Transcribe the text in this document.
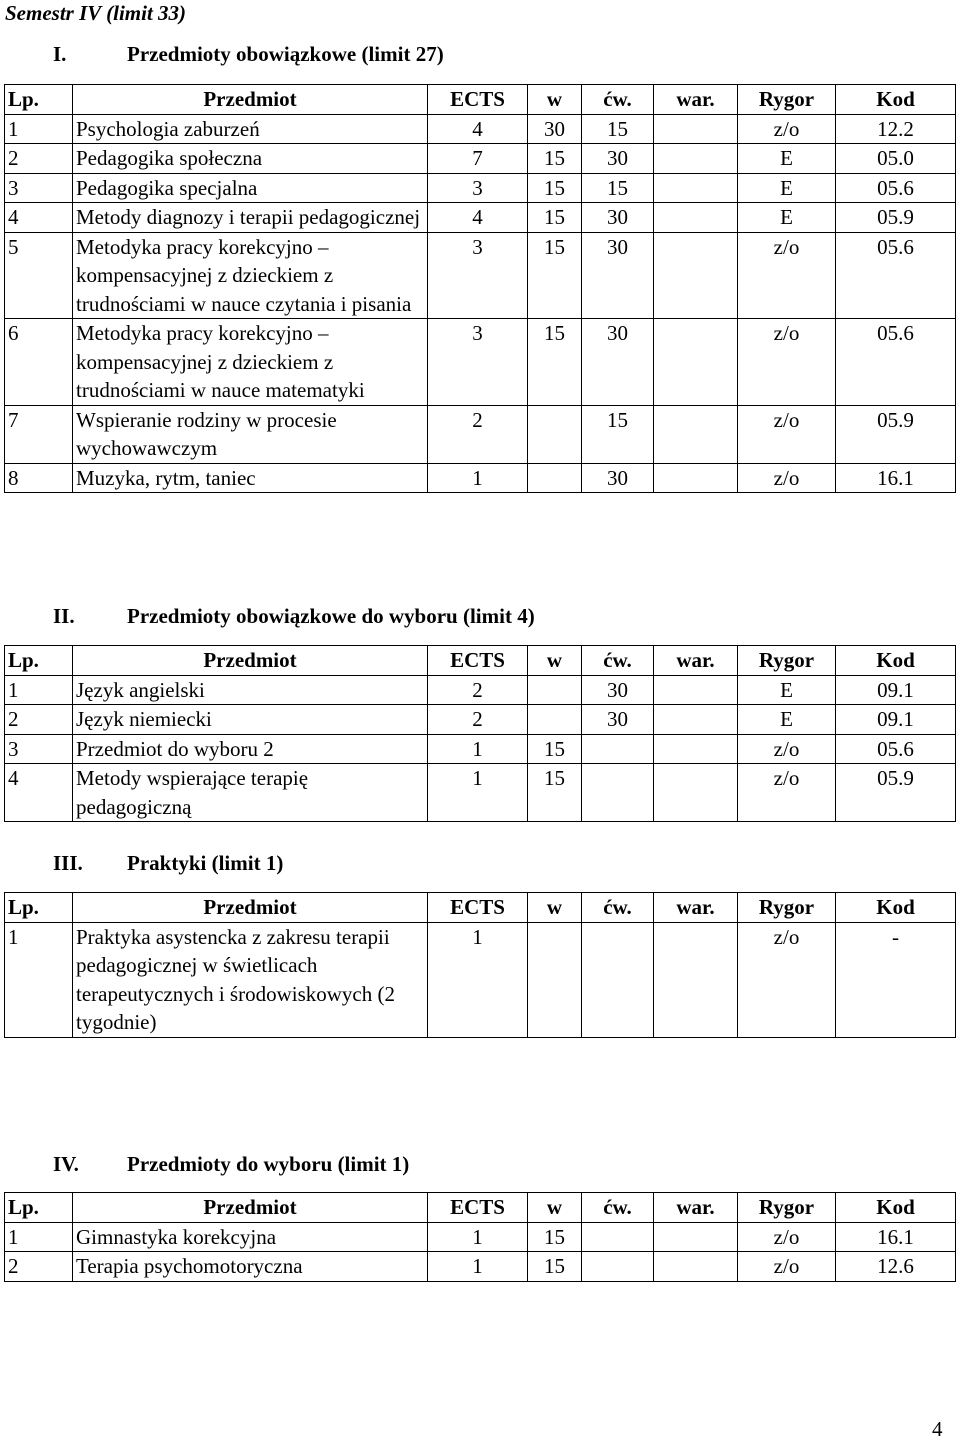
Semestr IV (limit 33)
I.	Przedmioty obowiązkowe (limit 27)
Lp.	Przedmiot	ECTS	w	ćw.	war.	Rygor	Kod
1	Psychologia zaburzeń	4	30	15		z/o	12.2
2	Pedagogika społeczna	7	15	30		E	05.0
3	Pedagogika specjalna	3	15	15		E	05.6
4	Metody diagnozy i terapii pedagogicznej	4	15	30		E	05.9
5	Metodyka pracy korekcyjno – kompensacyjnej z dzieckiem z trudnościami w nauce czytania i pisania	3	15	30		z/o	05.6
6	Metodyka pracy korekcyjno – kompensacyjnej z dzieckiem z trudnościami w nauce matematyki	3	15	30		z/o	05.6
7	Wspieranie rodziny w procesie wychowawczym	2		15		z/o	05.9
8	Muzyka, rytm, taniec	1		30		z/o	16.1
II.	Przedmioty obowiązkowe do wyboru (limit 4)
Lp.	Przedmiot	ECTS	w	ćw.	war.	Rygor	Kod
1	Język angielski	2		30		E	09.1
2	Język niemiecki	2		30		E	09.1
3	Przedmiot do wyboru 2	1	15			z/o	05.6
4	Metody wspierające terapię pedagogiczną	1	15			z/o	05.9
III.	Praktyki (limit 1)
Lp.	Przedmiot	ECTS	w	ćw.	war.	Rygor	Kod
1	Praktyka asystencka z zakresu terapii pedagogicznej w świetlicach terapeutycznych i środowiskowych (2 tygodnie)	1				z/o	-
IV.	Przedmioty do wyboru (limit 1)
Lp.	Przedmiot	ECTS	w	ćw.	war.	Rygor	Kod
1	Gimnastyka korekcyjna	1	15			z/o	16.1
2	Terapia psychomotoryczna	1	15			z/o	12.6
4
